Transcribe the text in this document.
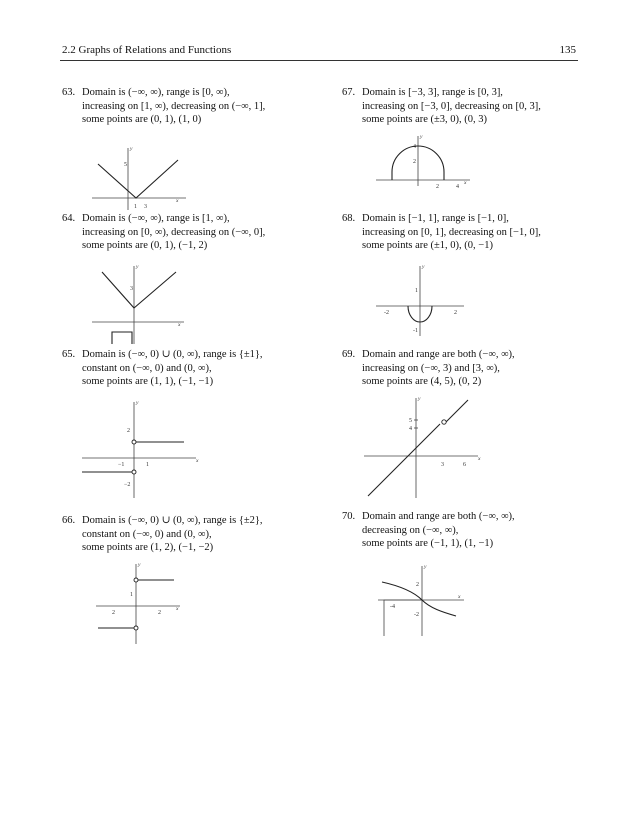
2.2 Graphs of Relations and Functions	135
63. Domain is (−∞, ∞), range is [0, ∞),
increasing on [1, ∞), decreasing on (−∞, 1],
some points are (0, 1), (1, 0)
64. Domain is (−∞, ∞), range is [1, ∞),
increasing on [0, ∞), decreasing on (−∞, 0],
some points are (0, 1), (−1, 2)
65. Domain is (−∞, 0) ∪ (0, ∞), range is {±1},
constant on (−∞, 0) and (0, ∞),
some points are (1, 1), (−1, −1)
66. Domain is (−∞, 0) ∪ (0, ∞), range is {±2},
constant on (−∞, 0) and (0, ∞),
some points are (1, 2), (−1, −2)
67. Domain is [−3, 3], range is [0, 3],
increasing on [−3, 0], decreasing on [0, 3],
some points are (±3, 0), (0, 3)
68. Domain is [−1, 1], range is [−1, 0],
increasing on [0, 1], decreasing on [−1, 0],
some points are (±1, 0), (0, −1)
69. Domain and range are both (−∞, ∞),
increasing on (−∞, 3) and [3, ∞),
some points are (4, 5), (0, 2)
70. Domain and range are both (−∞, ∞),
decreasing on (−∞, ∞),
some points are (−1, 1), (1, −1)
y
x
5
1 3
y
x
3
y
x
2
−2
−1	1
y
x
1
2	2
y
x
4
2
2	4
y
1
-1
-2	2
y
x
5
4
3	6
y
x
2
-2
-4
